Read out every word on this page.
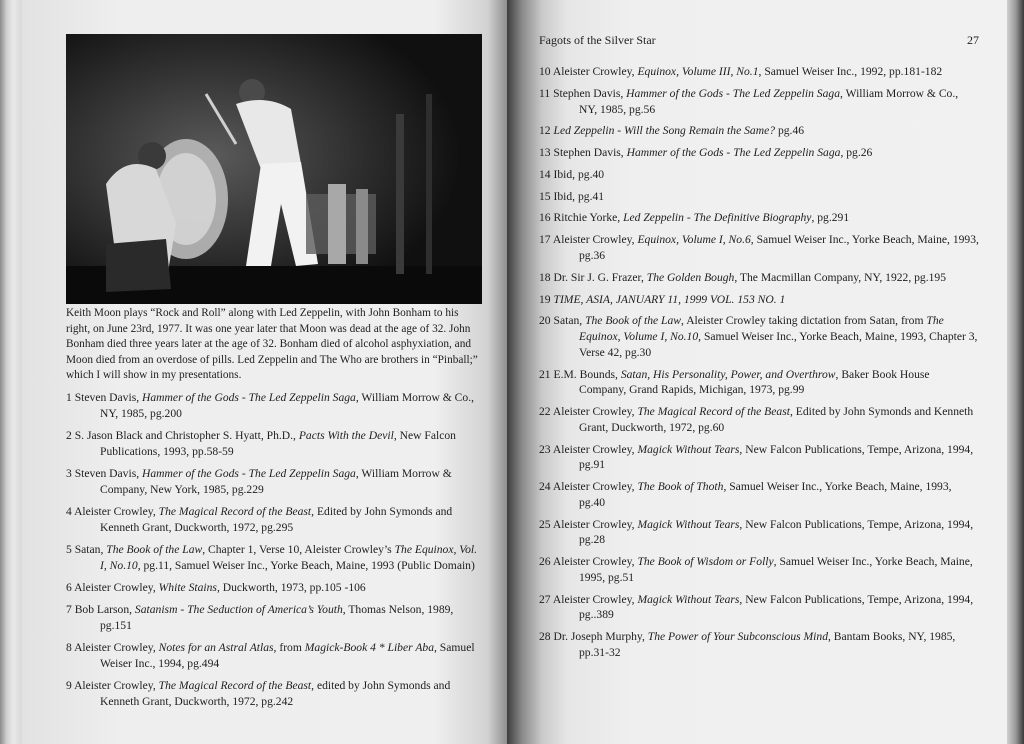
Keith Moon plays “Rock and Roll” along with Led Zeppelin, with John Bonham to his right, on June 23rd, 1977. It was one year later that Moon was dead at the age of 32. John Bonham died three years later at the age of 32. Bonham died of alcohol asphyxiation, and Moon died from an overdose of pills. Led Zeppelin and The Who are brothers in “Pinball;” which I will show in my presentations.
1 Steven Davis, Hammer of the Gods - The Led Zeppelin Saga, William Morrow & Co., NY, 1985, pg.200
2 S. Jason Black and Christopher S. Hyatt, Ph.D., Pacts With the Devil, New Falcon Publications, 1993, pp.58-59
3 Steven Davis, Hammer of the Gods - The Led Zeppelin Saga, William Morrow & Company, New York, 1985, pg.229
4 Aleister Crowley, The Magical Record of the Beast, Edited by John Symonds and Kenneth Grant, Duckworth, 1972, pg.295
5 Satan, The Book of the Law, Chapter 1, Verse 10, Aleister Crowley’s The Equinox, Vol. I, No.10, pg.11, Samuel Weiser Inc., Yorke Beach, Maine, 1993 (Public Domain)
6 Aleister Crowley, White Stains, Duckworth, 1973, pp.105 -106
7 Bob Larson, Satanism - The Seduction of America’s Youth, Thomas Nelson, 1989, pg.151
8 Aleister Crowley, Notes for an Astral Atlas, from Magick-Book 4 * Liber Aba, Samuel Weiser Inc., 1994, pg.494
9 Aleister Crowley, The Magical Record of the Beast, edited by John Symonds and Kenneth Grant, Duckworth, 1972, pg.242
Fagots of the Silver Star	27
10 Aleister Crowley, Equinox, Volume III, No.1, Samuel Weiser Inc., 1992, pp.181-182
11 Stephen Davis, Hammer of the Gods - The Led Zeppelin Saga, William Morrow & Co., NY, 1985, pg.56
12 Led Zeppelin - Will the Song Remain the Same? pg.46
13 Stephen Davis, Hammer of the Gods - The Led Zeppelin Saga, pg.26
14 Ibid, pg.40
15 Ibid, pg.41
16 Ritchie Yorke, Led Zeppelin - The Definitive Biography, pg.291
17 Aleister Crowley, Equinox, Volume I, No.6, Samuel Weiser Inc., Yorke Beach, Maine, 1993, pg.36
18 Dr. Sir J. G. Frazer, The Golden Bough, The Macmillan Company, NY, 1922, pg.195
19 TIME, ASIA, JANUARY 11, 1999 VOL. 153 NO. 1
20 Satan, The Book of the Law, Aleister Crowley taking dictation from Satan, from The Equinox, Volume I, No.10, Samuel Weiser Inc., Yorke Beach, Maine, 1993, Chapter 3, Verse 42, pg.30
21 E.M. Bounds, Satan, His Personality, Power, and Overthrow, Baker Book House Company, Grand Rapids, Michigan, 1973, pg.99
22 Aleister Crowley, The Magical Record of the Beast, Edited by John Symonds and Kenneth Grant, Duckworth, 1972, pg.60
23 Aleister Crowley, Magick Without Tears, New Falcon Publications, Tempe, Arizona, 1994, pg.91
24 Aleister Crowley, The Book of Thoth, Samuel Weiser Inc., Yorke Beach, Maine, 1993, pg.40
25 Aleister Crowley, Magick Without Tears, New Falcon Publications, Tempe, Arizona, 1994, pg.28
26 Aleister Crowley, The Book of Wisdom or Folly, Samuel Weiser Inc., Yorke Beach, Maine, 1995, pg.51
27 Aleister Crowley, Magick Without Tears, New Falcon Publications, Tempe, Arizona, 1994, pg..389
28 Dr. Joseph Murphy, The Power of Your Subconscious Mind, Bantam Books, NY, 1985, pp.31-32
